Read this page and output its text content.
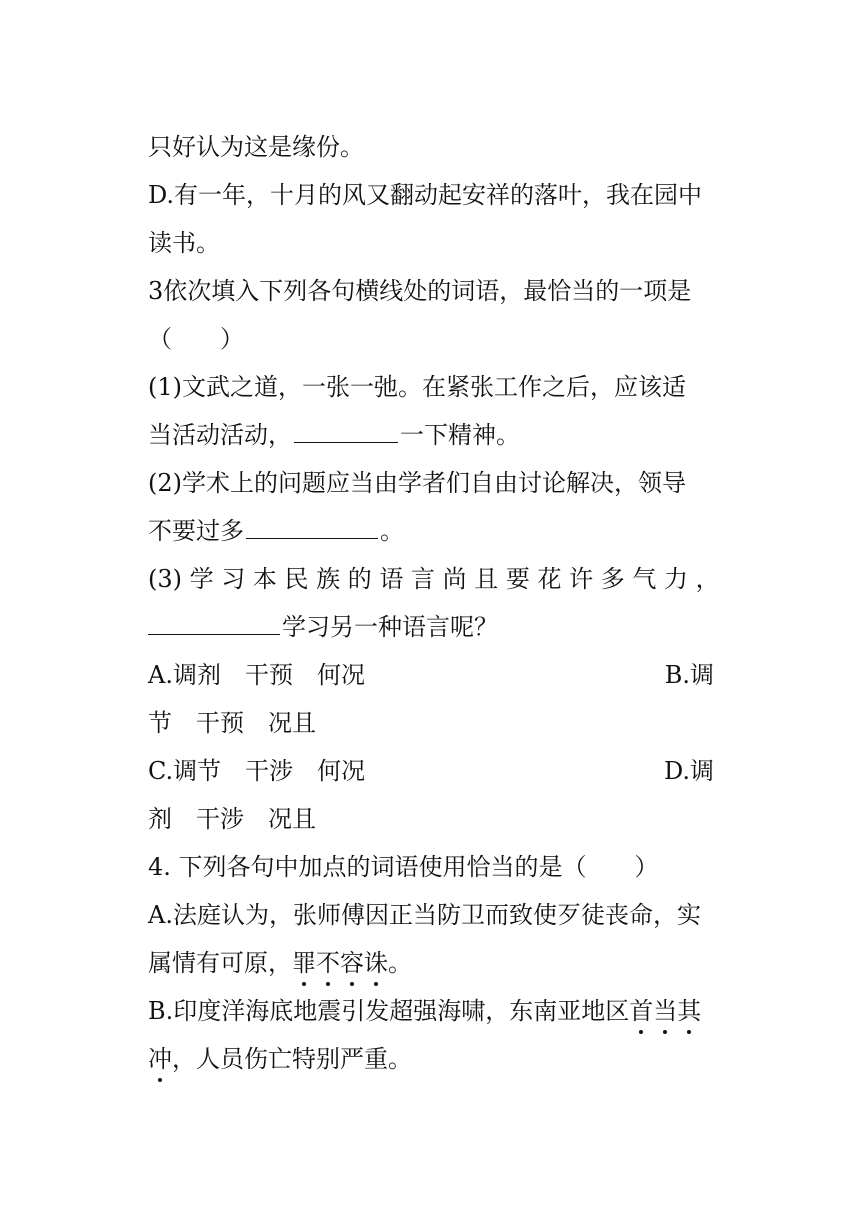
只好认为这是缘份。
D.有一年，十月的风又翻动起安祥的落叶，我在园中
读书。
3依次填入下列各句横线处的词语，最恰当的一项是
（　　）
(1)文武之道，一张一弛。在紧张工作之后，应该适
当活动活动，	一下精神。
(2)学术上的问题应当由学者们自由讨论解决，领导
不要过多	。
(3) 学 习 本 民 族 的 语 言 尚 且 要 花 许 多 气 力 ，
学习另一种语言呢？
A.调剂　干预　何况	B.调
节　干预　况且
C.调节　干涉　何况	D.调
剂　干涉　况且
4. 下列各句中加点的词语使用恰当的是（　　）
A.法庭认为，张师傅因正当防卫而致使歹徒丧命，实
属情有可原，罪不容诛。
B.印度洋海底地震引发超强海啸，东南亚地区首当其
冲，人员伤亡特别严重。
